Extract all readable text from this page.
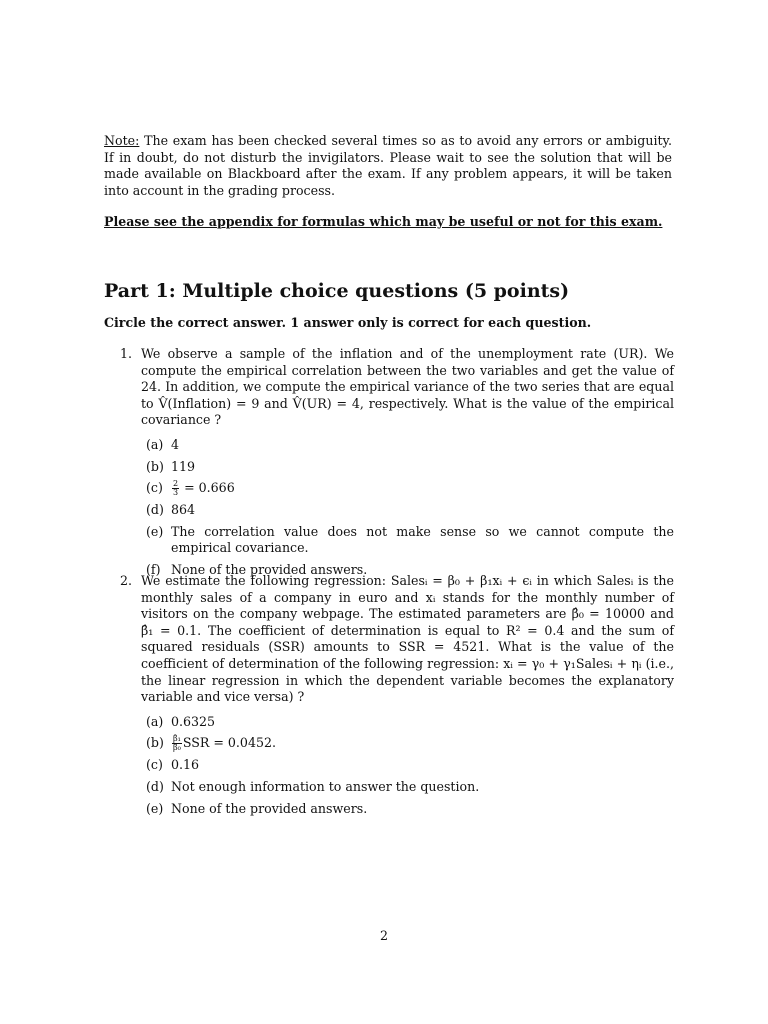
Note: The exam has been checked several times so as to avoid any errors or ambiguity. If in doubt, do not disturb the invigilators. Please wait to see the solution that will be made available on Blackboard after the exam. If any problem appears, it will be taken into account in the grading process.

Please see the appendix for formulas which may be useful or not for this exam.
Part 1: Multiple choice questions (5 points)
Circle the correct answer. 1 answer only is correct for each question.
1. We observe a sample of the inflation and of the unemployment rate (UR). We compute the empirical correlation between the two variables and get the value of 24. In addition, we compute the empirical variance of the two series that are equal to V̂(Inflation) = 9 and V̂(UR) = 4, respectively. What is the value of the empirical covariance ?
(a) 4
(b) 119
$(c) \frac{2}{3} = 0.666$
(d) 864
(e) The correlation value does not make sense so we cannot compute the empirical covariance.
(f) None of the provided answers.
2. We estimate the following regression: Salesᵢ = β₀ + β₁xᵢ + ϵᵢ in which Salesᵢ is the monthly sales of a company in euro and xᵢ stands for the monthly number of visitors on the company webpage. The estimated parameters are β̂₀ = 10000 and β̂₁ = 0.1. The coefficient of determination is equal to R² = 0.4 and the sum of squared residuals (SSR) amounts to SSR = 4521. What is the value of the coefficient of determination of the following regression: xᵢ = γ₀ + γ₁Salesᵢ + ηᵢ (i.e., the linear regression in which the dependent variable becomes the explanatory variable and vice versa) ?
(a) 0.6325
$(b) \frac{\text{β̂₁}}{\text{β̂₀}}$ SSR = 0.0452.
(c) 0.16
(d) Not enough information to answer the question.
(e) None of the provided answers.
2
